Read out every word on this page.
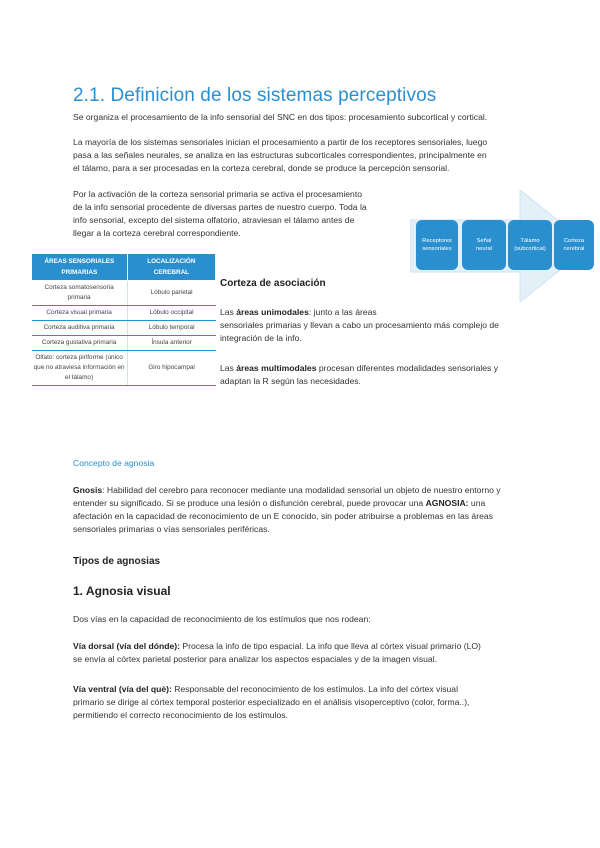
2.1. Definicion de los sistemas perceptivos
Se organiza el procesamiento de la info sensorial del SNC en dos tipos: procesamiento subcortical y cortical.
La mayoría de los sistemas sensoriales inician el procesamiento a partir de los receptores sensoriales, luego
pasa a las señales neurales, se analiza en las estructuras subcorticales correspondientes, principalmente en
el tálamo, para a ser procesadas en la corteza cerebral, donde se produce la percepción sensorial.
Por la activación de la corteza sensorial primaria se activa el procesamiento
de la info sensorial procedente de diversas partes de nuestro cuerpo. Toda la
info sensorial, excepto del sistema olfatorio, atraviesan el tálamo antes de
llegar a la corteza cerebral correspondiente.
Receptores
sensoriales
Señal
neural
Tálamo
(subcortical)
Corteza
cerebral
ÁREAS SENSORIALES PRIMARIAS	LOCALIZACIÓN CEREBRAL
Corteza somatosensoria primaria	Lóbulo parietal
Corteza visual primaria	Lóbulo occipital
Corteza auditiva primaria	Lóbulo temporal
Corteza gustativa primaria	Ínsula anterior
Olfato: corteza piriforme (único que no atraviesa información en el tálamo)	Giro hipocampal
Corteza de asociación
Las áreas unimodales: junto a las áreas
sensoriales primarias y llevan a cabo un procesamiento más complejo de
integración de la info.
Las áreas multimodales procesan diferentes modalidades sensoriales y
adaptan la R según las necesidades.
Concepto de agnosia
Gnosis: Habilidad del cerebro para reconocer mediante una modalidad sensorial un objeto de nuestro entorno y
entender su significado. Si se produce una lesión o disfunción cerebral, puede provocar una AGNOSIA: una
afectación en la capacidad de reconocimiento de un E conocido, sin poder atribuirse a problemas en las áreas
sensoriales primarias o vías sensoriales periféricas.
Tipos de agnosias
1. Agnosia visual
Dos vías en la capacidad de reconocimiento de los estímulos que nos rodean:
Vía dorsal (vía del dónde): Procesa la info de tipo espacial. La info que lleva al córtex visual primario (LO)
se envía al córtex parietal posterior para analizar los aspectos espaciales y de la imagen visual.
Vía ventral (vía del què): Responsable del reconocimiento de los estímulos. La info del córtex visual
primario se dirige al córtex temporal posterior especializado en el análisis visoperceptivo (color, forma..),
permitiendo el correcto reconocimiento de los estímulos.
